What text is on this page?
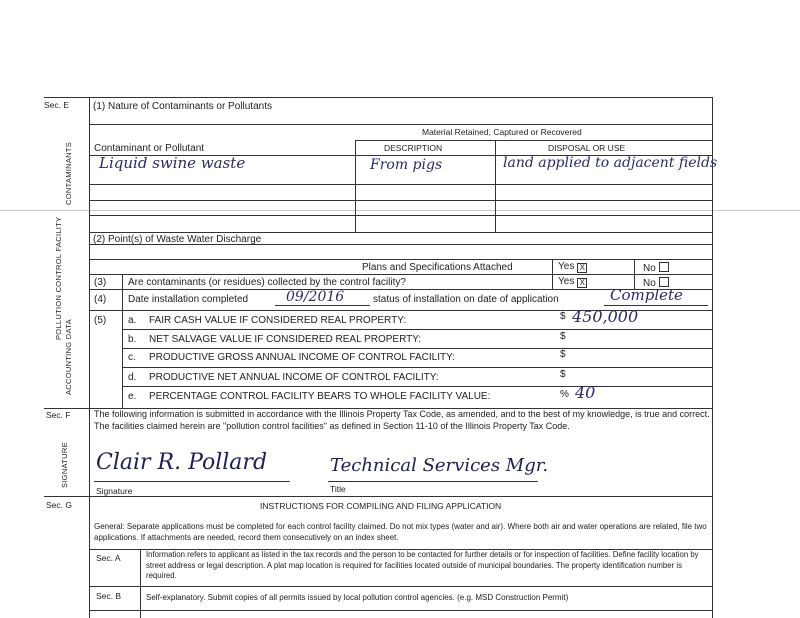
Sec. E
CONTAMINANTS
POLLUTION CONTROL FACILITY
ACCOUNTING DATA
(1) Nature of Contaminants or Pollutants
Material Retained, Captured or Recovered
Contaminant or Pollutant	DESCRIPTION	DISPOSAL OR USE
Liquid swine waste	From pigs	land applied to adjacent fields
(2) Point(s) of Waste Water Discharge
Plans and Specifications Attached	Yes X	No
(3) Are contaminants (or residues) collected by the control facility?	Yes X	No
(4) Date installation completed	09/2016	status of installation on date of application	Complete
(5) a. FAIR CASH VALUE IF CONSIDERED REAL PROPERTY:	$ 450,000
b. NET SALVAGE VALUE IF CONSIDERED REAL PROPERTY:	$
c. PRODUCTIVE GROSS ANNUAL INCOME OF CONTROL FACILITY:	$
d. PRODUCTIVE NET ANNUAL INCOME OF CONTROL FACILITY:	$
e. PERCENTAGE CONTROL FACILITY BEARS TO WHOLE FACILITY VALUE:	% 40
Sec. F
SIGNATURE
The following information is submitted in accordance with the Illinois Property Tax Code, as amended, and to the best of my knowledge, is true and correct. The facilities claimed herein are "pollution control facilities" as defined in Section 11-10 of the Illinois Property Tax Code.
Clair R. Pollard	Technical Services Mgr.
Signature	Title
Sec. G	INSTRUCTIONS FOR COMPILING AND FILING APPLICATION
General: Separate applications must be completed for each control facility claimed. Do not mix types (water and air). Where both air and water operations are related, file two applications. If attachments are needed, record them consecutively on an index sheet.
Sec. A	Information refers to applicant as listed in the tax records and the person to be contacted for further details or for inspection of facilities. Define facility location by street address or legal description. A plat map location is required for facilities located outside of municipal boundaries. The property identification number is required.
Sec. B	Self-explanatory. Submit copies of all permits issued by local pollution control agencies. (e.g. MSD Construction Permit)
